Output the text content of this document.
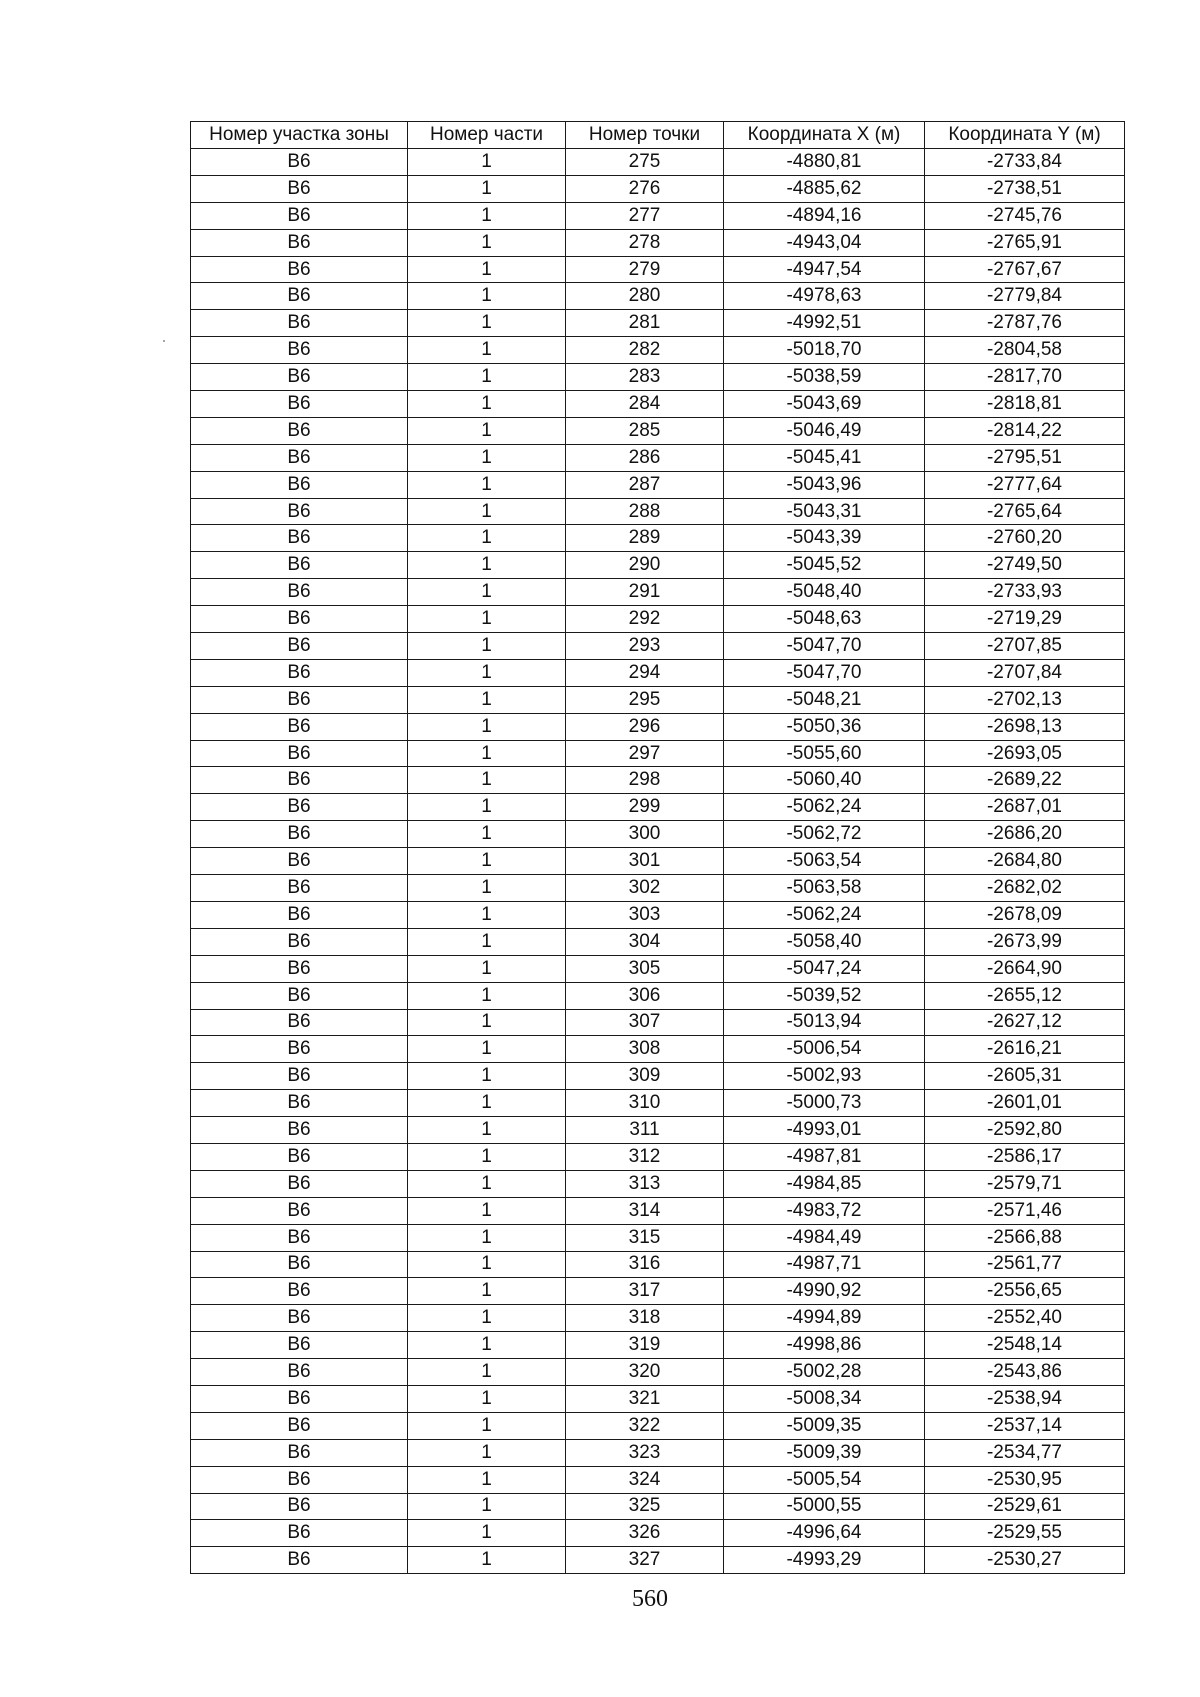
Номер участка зоны	Номер части	Номер точки	Координата X (м)	Координата Y (м)
В6	1	275	-4880,81	-2733,84
В6	1	276	-4885,62	-2738,51
В6	1	277	-4894,16	-2745,76
В6	1	278	-4943,04	-2765,91
В6	1	279	-4947,54	-2767,67
В6	1	280	-4978,63	-2779,84
В6	1	281	-4992,51	-2787,76
В6	1	282	-5018,70	-2804,58
В6	1	283	-5038,59	-2817,70
В6	1	284	-5043,69	-2818,81
В6	1	285	-5046,49	-2814,22
В6	1	286	-5045,41	-2795,51
В6	1	287	-5043,96	-2777,64
В6	1	288	-5043,31	-2765,64
В6	1	289	-5043,39	-2760,20
В6	1	290	-5045,52	-2749,50
В6	1	291	-5048,40	-2733,93
В6	1	292	-5048,63	-2719,29
В6	1	293	-5047,70	-2707,85
В6	1	294	-5047,70	-2707,84
В6	1	295	-5048,21	-2702,13
В6	1	296	-5050,36	-2698,13
В6	1	297	-5055,60	-2693,05
В6	1	298	-5060,40	-2689,22
В6	1	299	-5062,24	-2687,01
В6	1	300	-5062,72	-2686,20
В6	1	301	-5063,54	-2684,80
В6	1	302	-5063,58	-2682,02
В6	1	303	-5062,24	-2678,09
В6	1	304	-5058,40	-2673,99
В6	1	305	-5047,24	-2664,90
В6	1	306	-5039,52	-2655,12
В6	1	307	-5013,94	-2627,12
В6	1	308	-5006,54	-2616,21
В6	1	309	-5002,93	-2605,31
В6	1	310	-5000,73	-2601,01
В6	1	311	-4993,01	-2592,80
В6	1	312	-4987,81	-2586,17
В6	1	313	-4984,85	-2579,71
В6	1	314	-4983,72	-2571,46
В6	1	315	-4984,49	-2566,88
В6	1	316	-4987,71	-2561,77
В6	1	317	-4990,92	-2556,65
В6	1	318	-4994,89	-2552,40
В6	1	319	-4998,86	-2548,14
В6	1	320	-5002,28	-2543,86
В6	1	321	-5008,34	-2538,94
В6	1	322	-5009,35	-2537,14
В6	1	323	-5009,39	-2534,77
В6	1	324	-5005,54	-2530,95
В6	1	325	-5000,55	-2529,61
В6	1	326	-4996,64	-2529,55
В6	1	327	-4993,29	-2530,27
560
